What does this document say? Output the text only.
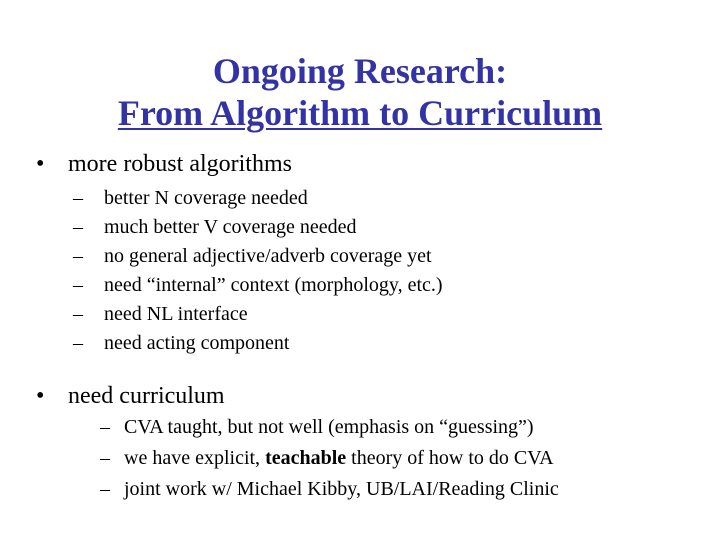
Ongoing Research:
From Algorithm to Curriculum
• more robust algorithms
– better N coverage needed
– much better V coverage needed
– no general adjective/adverb coverage yet
– need “internal” context (morphology, etc.)
– need NL interface
– need acting component
• need curriculum
– CVA taught, but not well (emphasis on “guessing”)
– we have explicit, teachable theory of how to do CVA
– joint work w/ Michael Kibby, UB/LAI/Reading Clinic
